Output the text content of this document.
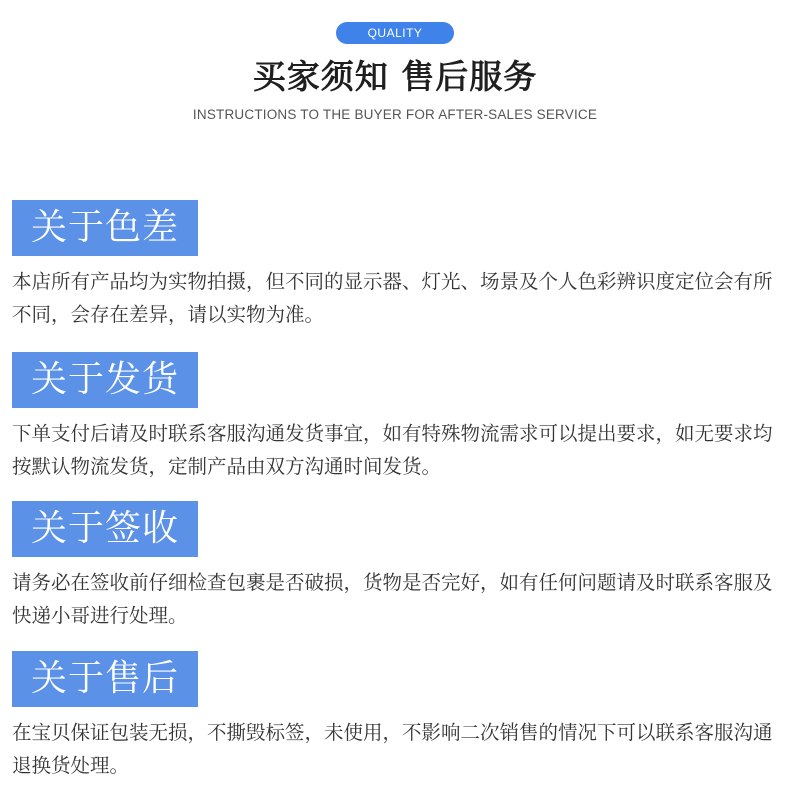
QUALITY
买家须知 售后服务
INSTRUCTIONS TO THE BUYER FOR AFTER-SALES SERVICE
关于色差

本店所有产品均为实物拍摄，但不同的显示器、灯光、场景及个人色彩辨识度定位会有所不同，会存在差异，请以实物为准。

关于发货

下单支付后请及时联系客服沟通发货事宜，如有特殊物流需求可以提出要求，如无要求均按默认物流发货，定制产品由双方沟通时间发货。

关于签收

请务必在签收前仔细检查包裹是否破损，货物是否完好，如有任何问题请及时联系客服及快递小哥进行处理。

关于售后

在宝贝保证包装无损，不撕毁标签，未使用，不影响二次销售的情况下可以联系客服沟通退换货处理。
